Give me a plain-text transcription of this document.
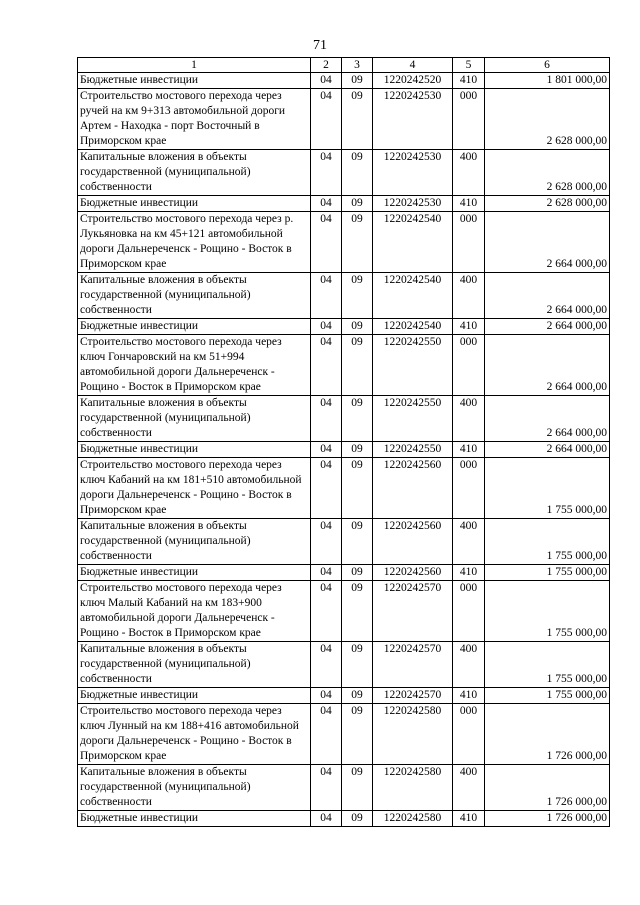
71
1	2	3	4	5	6
Бюджетные инвестиции	04	09	1220242520	410	1 801 000,00
Строительство мостового перехода через ручей на км 9+313 автомобильной дороги Артем - Находка - порт Восточный в Приморском крае	04	09	1220242530	000	2 628 000,00
Капитальные вложения в объекты государственной (муниципальной) собственности	04	09	1220242530	400	2 628 000,00
Бюджетные инвестиции	04	09	1220242530	410	2 628 000,00
Строительство мостового перехода через р. Лукьяновка на км 45+121 автомобильной дороги Дальнереченск - Рощино - Восток в Приморском крае	04	09	1220242540	000	2 664 000,00
Капитальные вложения в объекты государственной (муниципальной) собственности	04	09	1220242540	400	2 664 000,00
Бюджетные инвестиции	04	09	1220242540	410	2 664 000,00
Строительство мостового перехода через ключ Гончаровский на км 51+994 автомобильной дороги Дальнереченск - Рощино - Восток в Приморском крае	04	09	1220242550	000	2 664 000,00
Капитальные вложения в объекты государственной (муниципальной) собственности	04	09	1220242550	400	2 664 000,00
Бюджетные инвестиции	04	09	1220242550	410	2 664 000,00
Строительство мостового перехода через ключ Кабаний на км 181+510 автомобильной дороги Дальнереченск - Рощино - Восток в Приморском крае	04	09	1220242560	000	1 755 000,00
Капитальные вложения в объекты государственной (муниципальной) собственности	04	09	1220242560	400	1 755 000,00
Бюджетные инвестиции	04	09	1220242560	410	1 755 000,00
Строительство мостового перехода через ключ Малый Кабаний на км 183+900 автомобильной дороги Дальнереченск - Рощино - Восток в Приморском крае	04	09	1220242570	000	1 755 000,00
Капитальные вложения в объекты государственной (муниципальной) собственности	04	09	1220242570	400	1 755 000,00
Бюджетные инвестиции	04	09	1220242570	410	1 755 000,00
Строительство мостового перехода через ключ Лунный на км 188+416 автомобильной дороги Дальнереченск - Рощино - Восток в Приморском крае	04	09	1220242580	000	1 726 000,00
Капитальные вложения в объекты государственной (муниципальной) собственности	04	09	1220242580	400	1 726 000,00
Бюджетные инвестиции	04	09	1220242580	410	1 726 000,00
